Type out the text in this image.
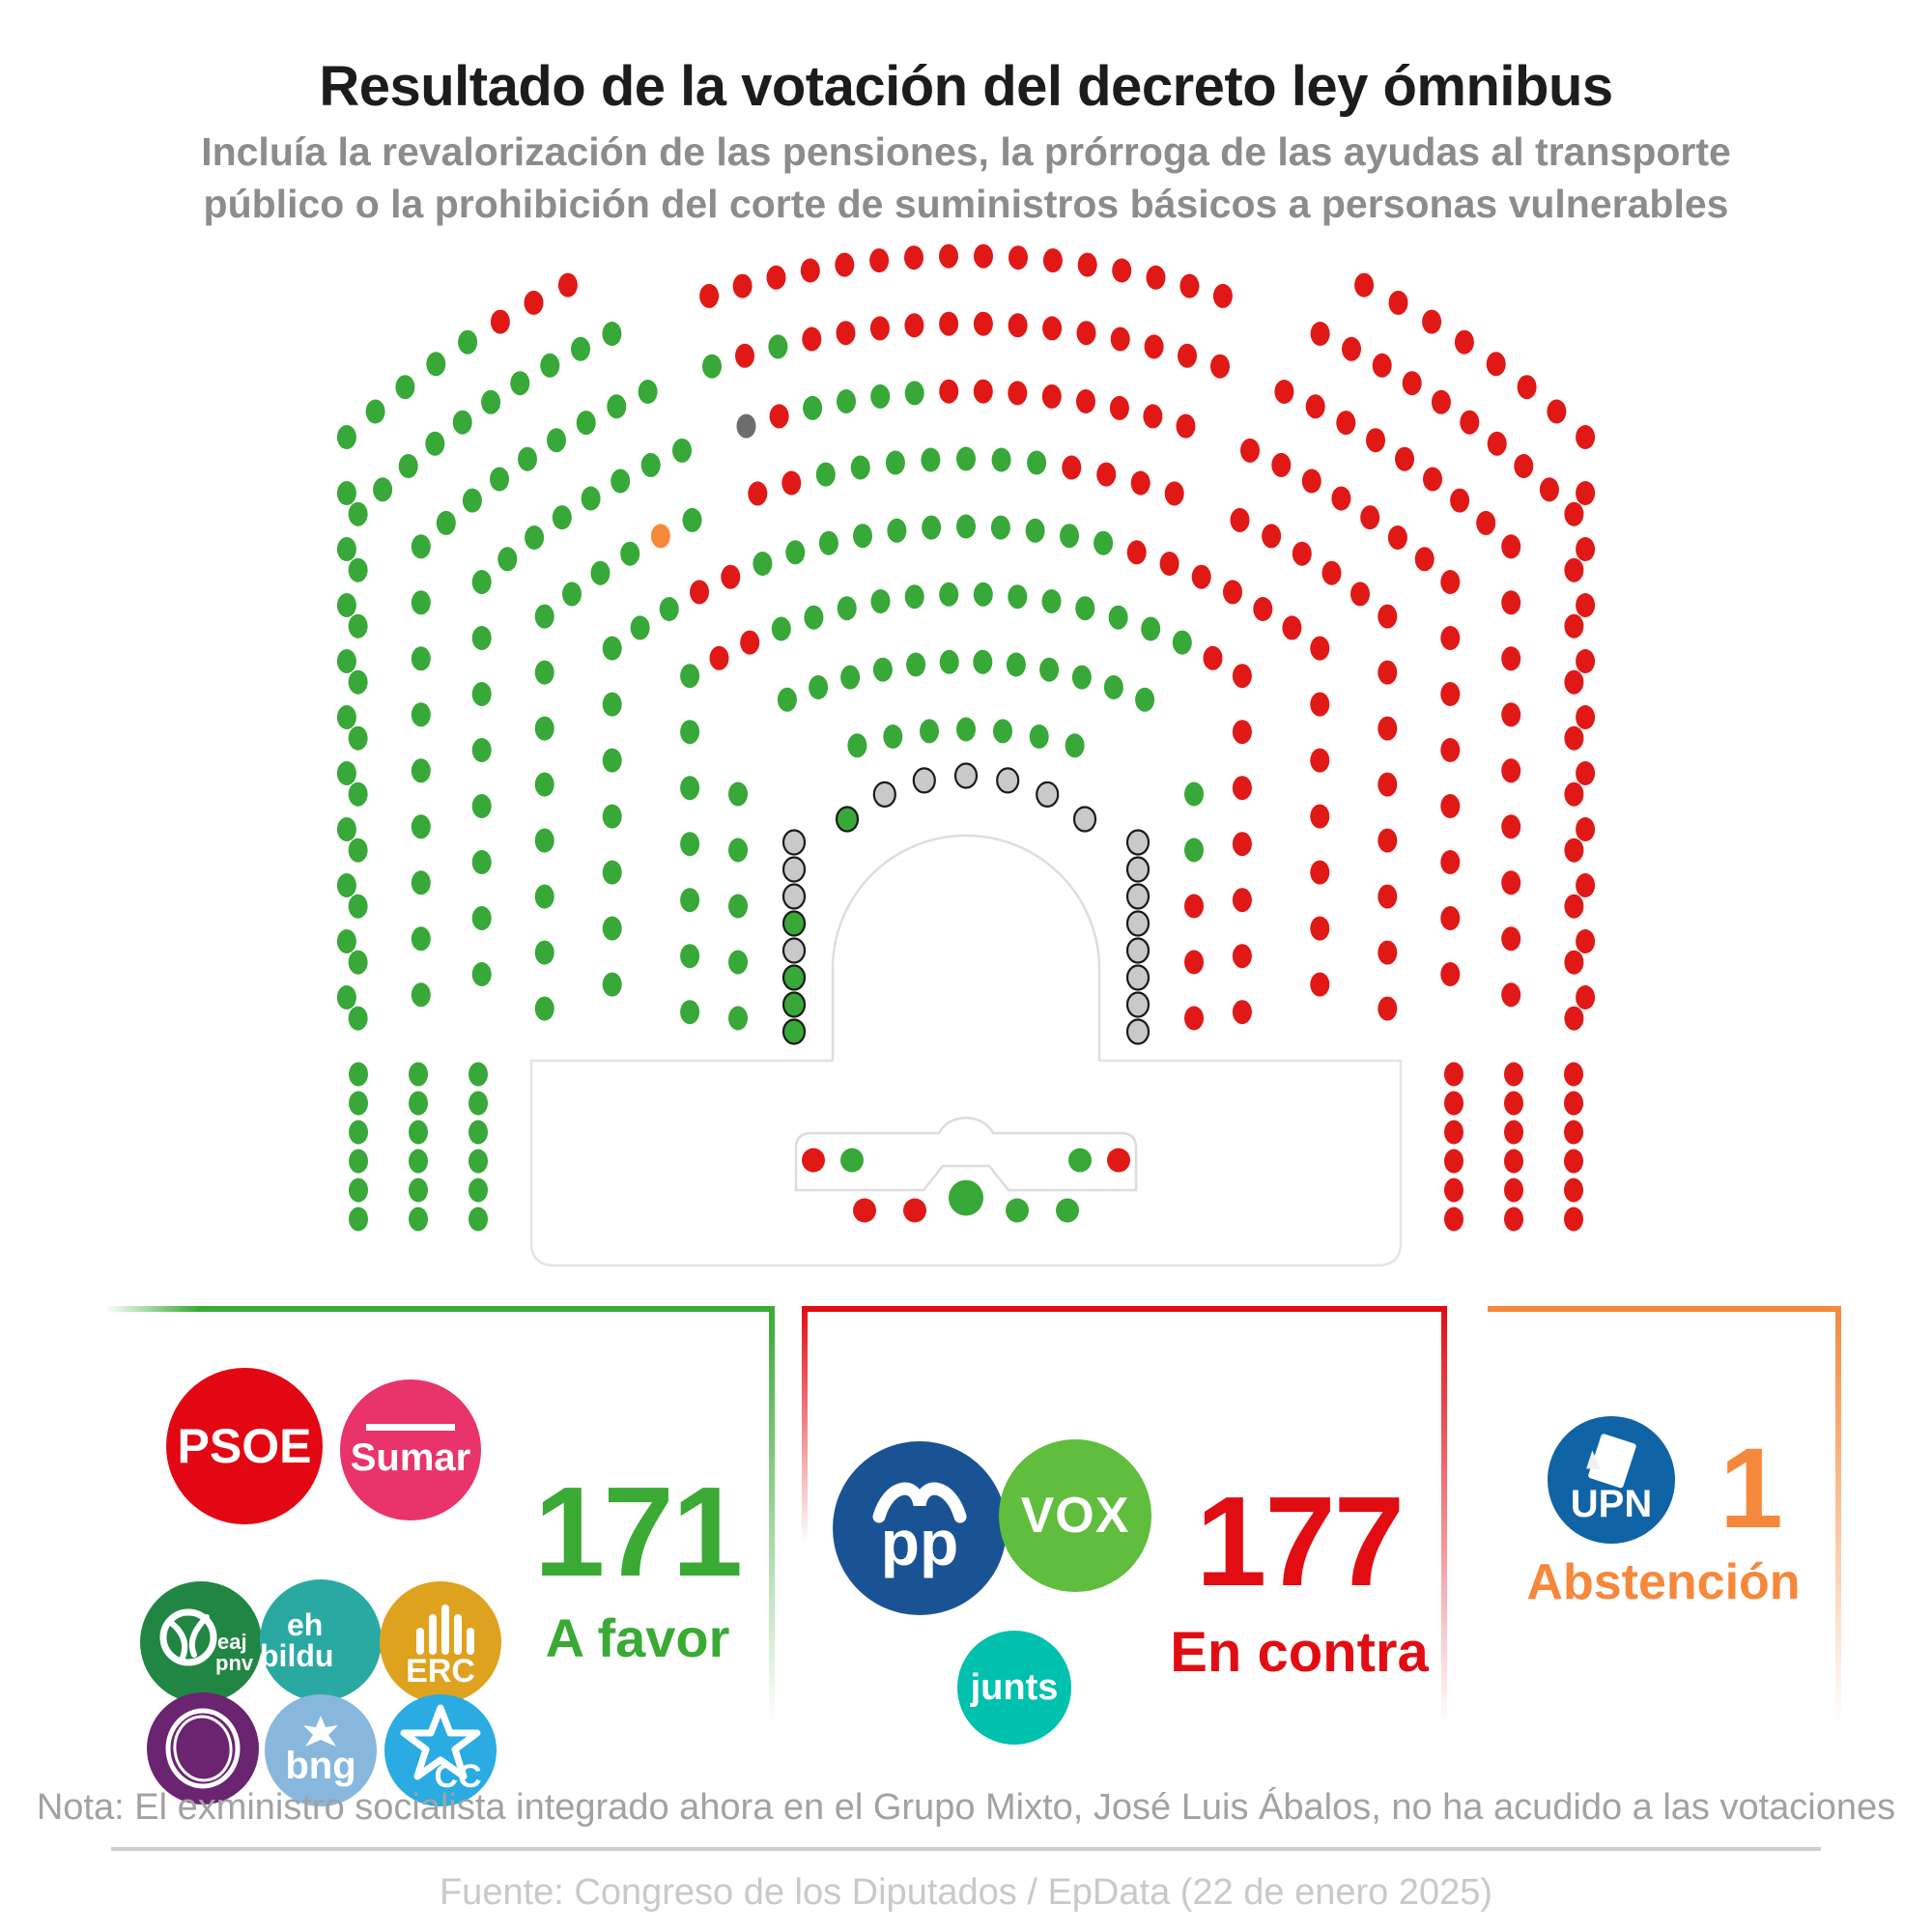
Resultado de la votación del decreto ley ómnibus
Incluía la revalorización de las pensiones, la prórroga de las ayudas al transporte público o la prohibición del corte de suministros básicos a personas vulnerables
PSOE Sumar
eaj
pnv
eh
bildu ERC
bng CC
171
A favor
pp VOX
junts
177
En contra
UPN 1
Abstención
Nota: El exministro socialista integrado ahora en el Grupo Mixto, José Luis Ábalos, no ha acudido a las votaciones
Fuente: Congreso de los Diputados / EpData (22 de enero 2025)
